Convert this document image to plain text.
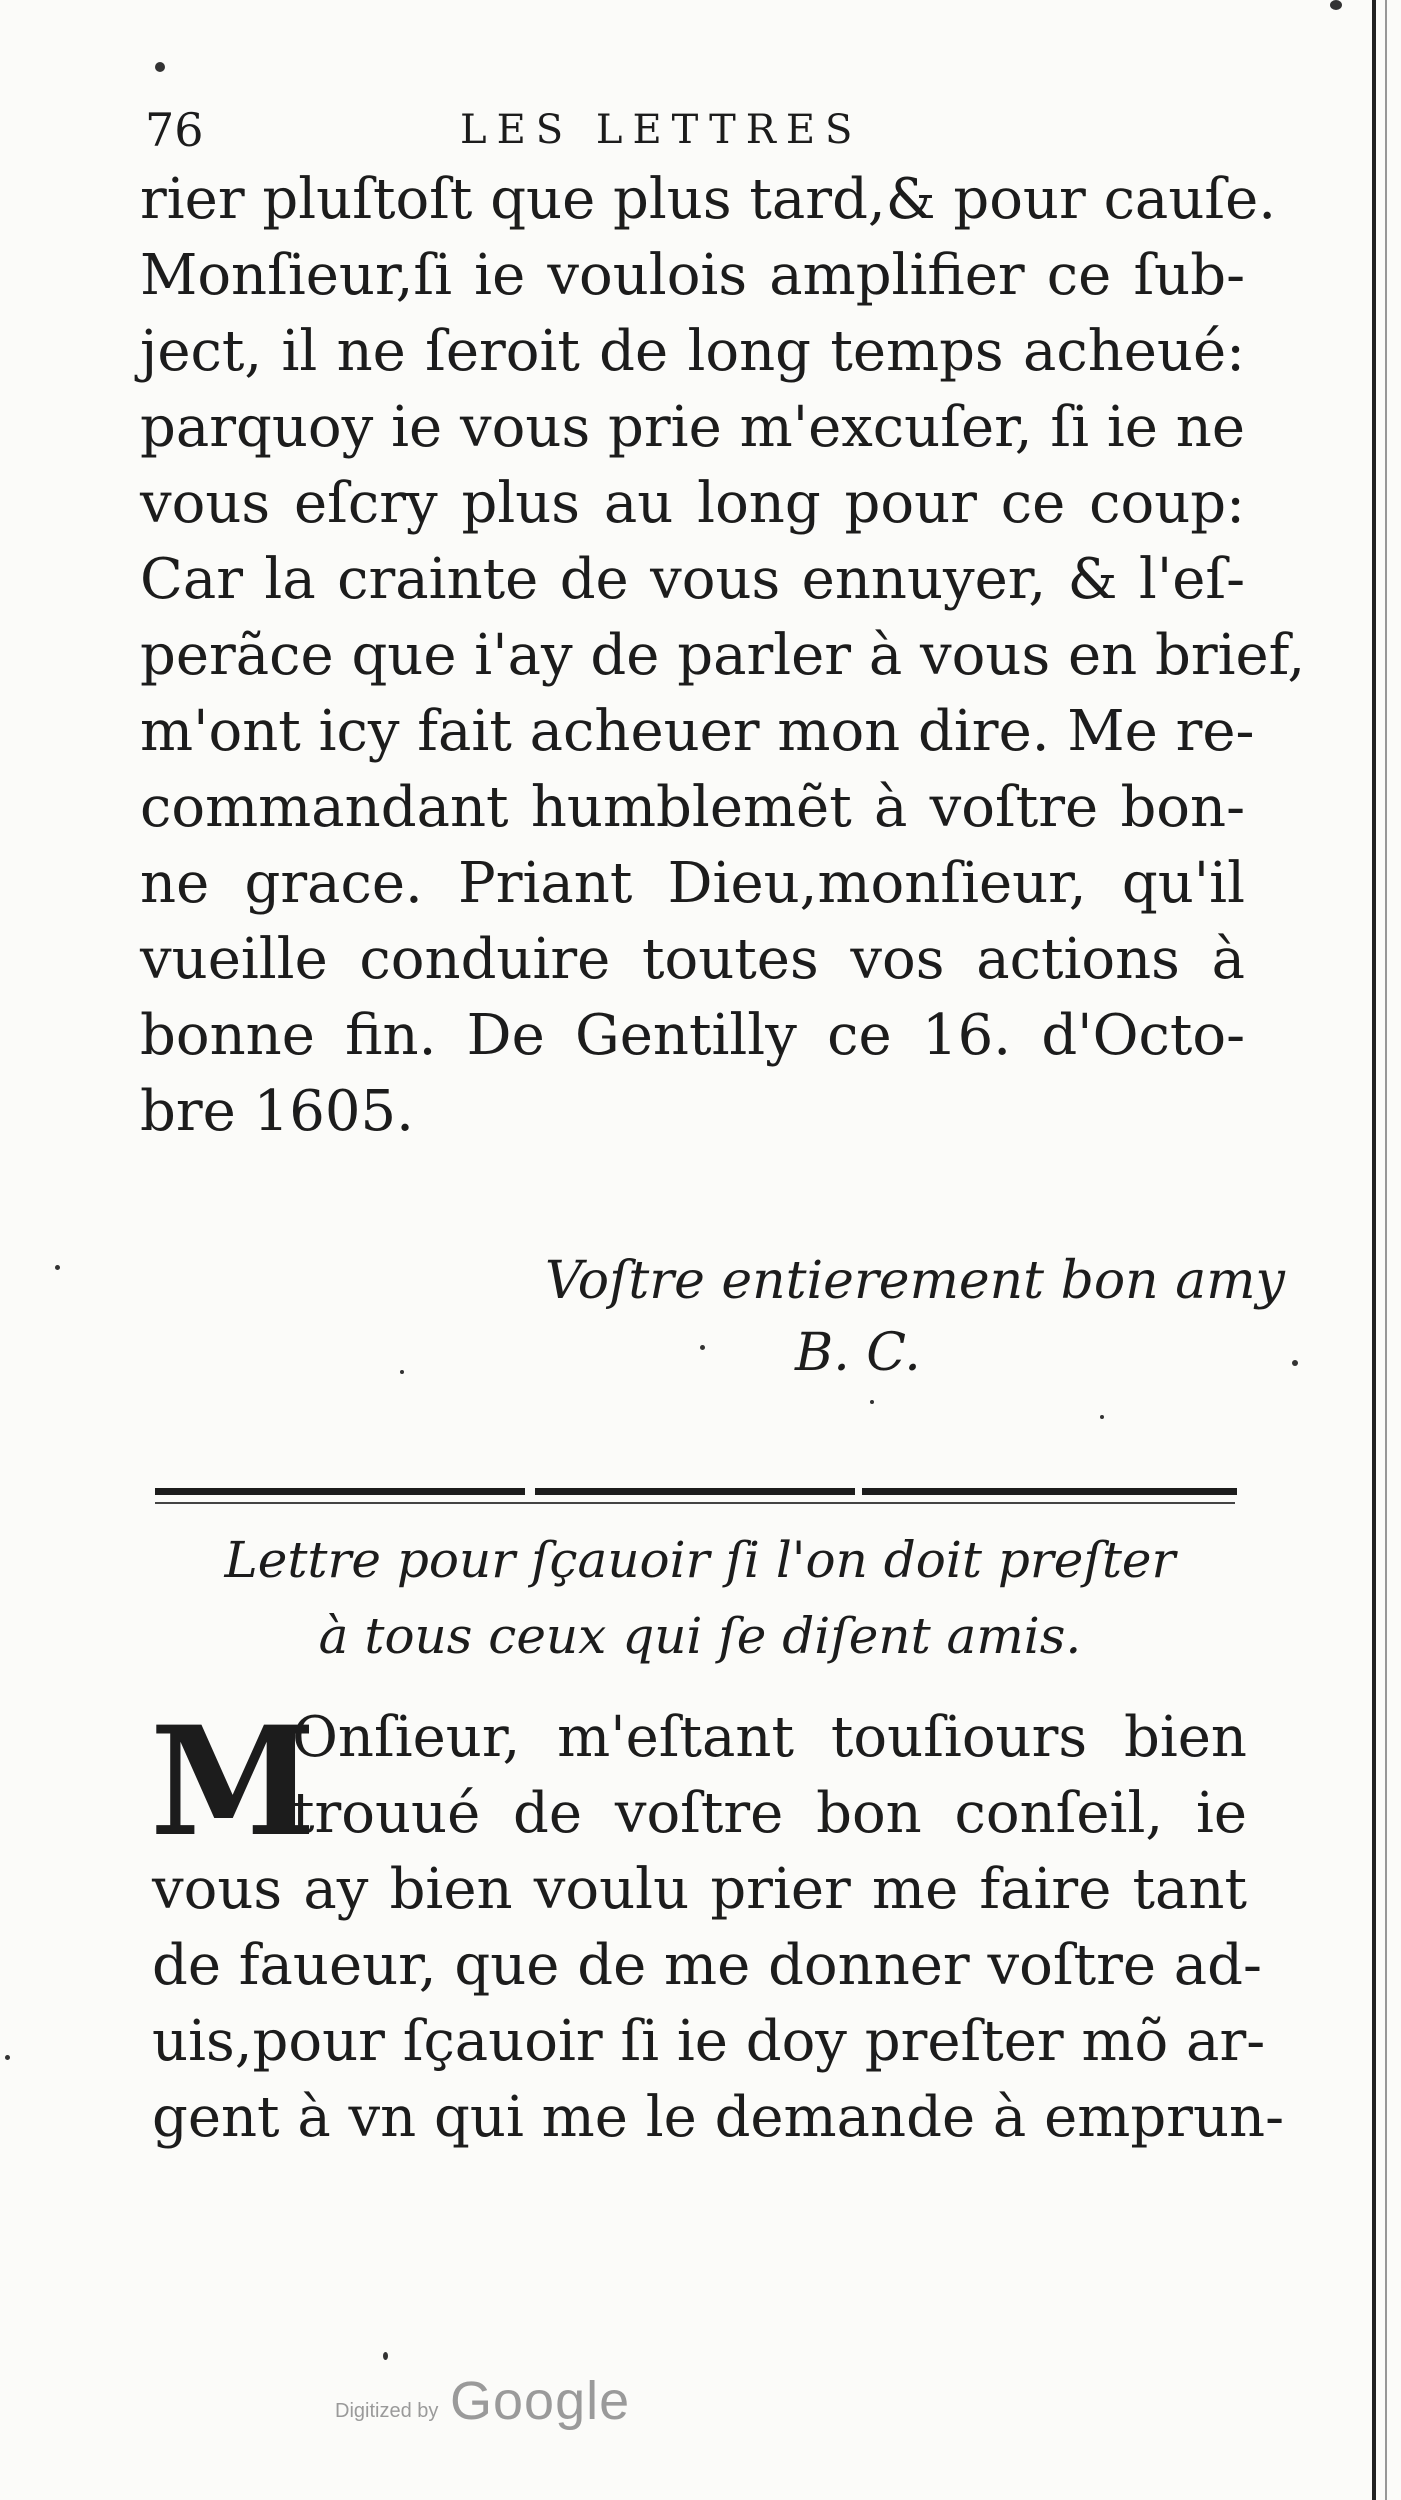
76	LES LETTRES
rier pluſtoſt que plus tard,& pour cauſe.
Monſieur,ſi ie voulois amplifier ce ſub-
ject, il ne ſeroit de long temps acheué:
parquoy ie vous prie m'excuſer, ſi ie ne
vous eſcry plus au long pour ce coup:
Car la crainte de vous ennuyer, & l'eſ-
perãce que i'ay de parler à vous en brief,
m'ont icy fait acheuer mon dire. Me re-
commandant humblemẽt à voſtre bon-
ne grace. Priant Dieu,monſieur, qu'il
vueille conduire toutes vos actions à
bonne fin. De Gentilly ce 16. d'Octo-
bre 1605.
Voſtre entierement bon amy
B. C.
Lettre pour ſçauoir ſi l'on doit preſter
à tous ceux qui ſe diſent amis.
M
Onſieur, m'eſtant touſiours bien
trouué de voſtre bon conſeil, ie
vous ay bien voulu prier me faire tant
de faueur, que de me donner voſtre ad-
uis,pour ſçauoir ſi ie doy preſter mõ ar-
gent à vn qui me le demande à emprun-
Digitized by Google
